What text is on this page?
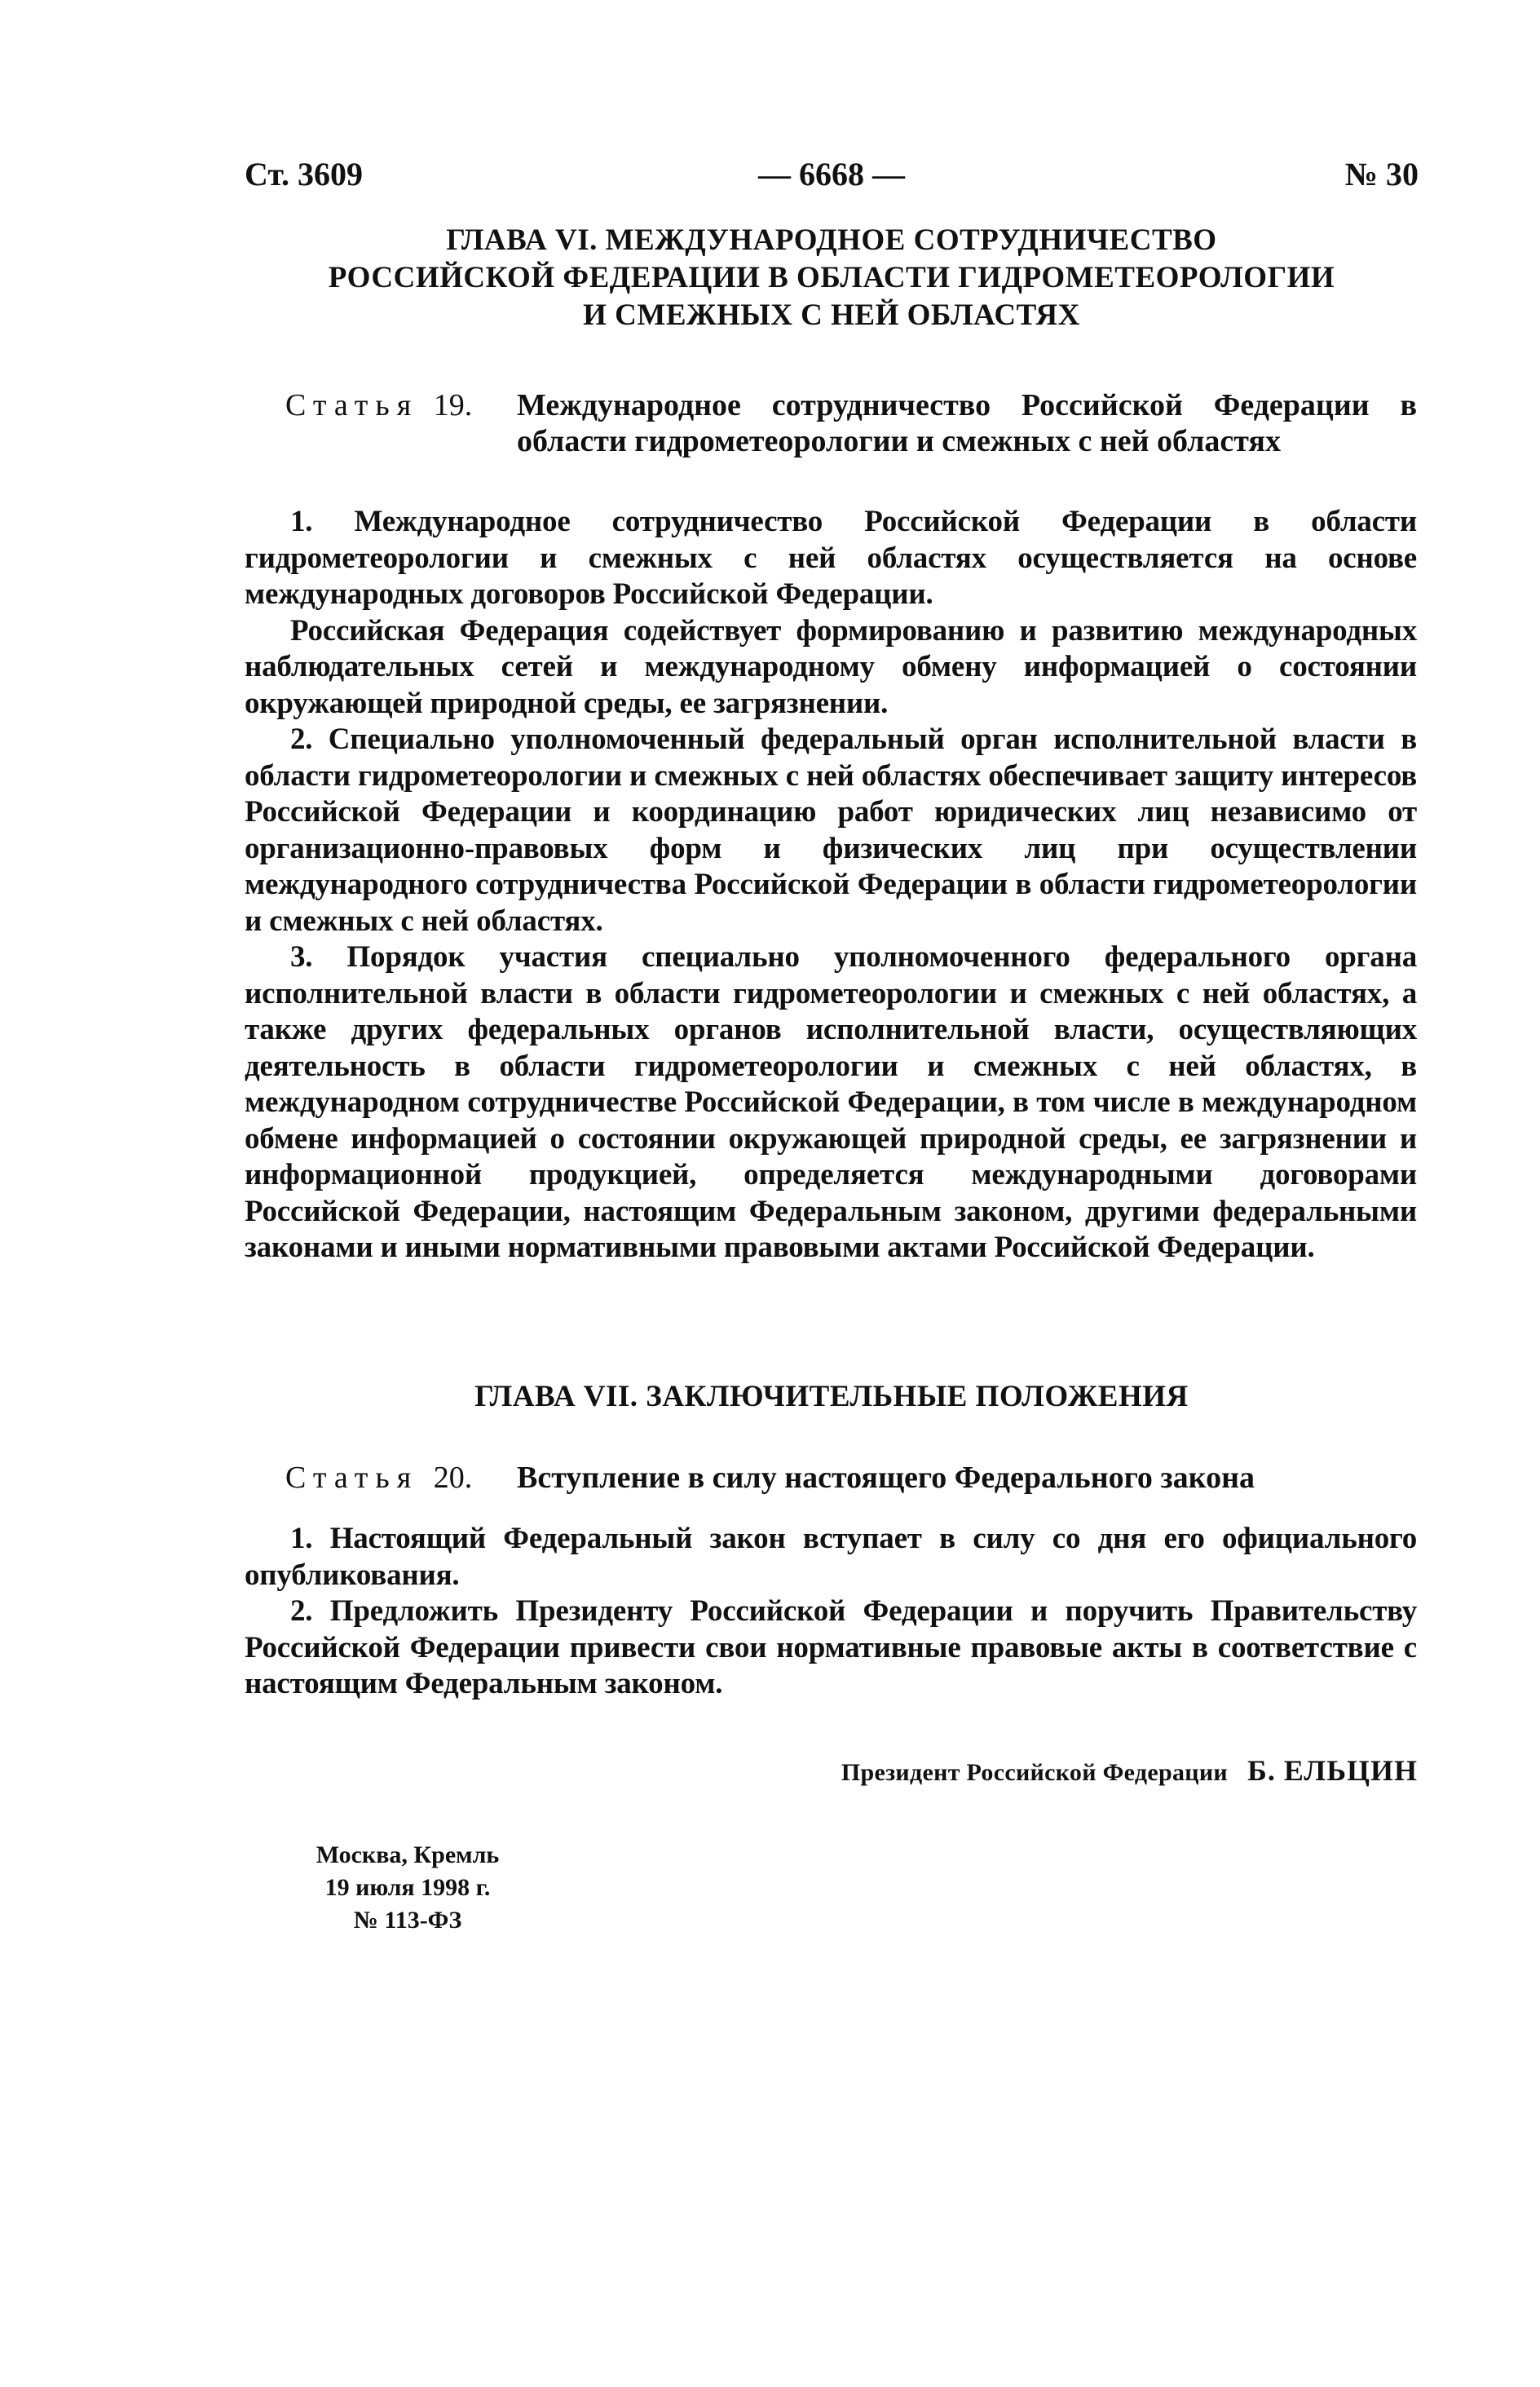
Ст. 3609	— 6668 —	№ 30
ГЛАВА VI. МЕЖДУНАРОДНОЕ СОТРУДНИЧЕСТВО
РОССИЙСКОЙ ФЕДЕРАЦИИ В ОБЛАСТИ ГИДРОМЕТЕОРОЛОГИИ
И СМЕЖНЫХ С НЕЙ ОБЛАСТЯХ
Статья 19. Международное сотрудничество Российской Федерации в области гидрометеорологии и смежных с ней областях

1. Международное сотрудничество Российской Федерации в области гидрометеорологии и смежных с ней областях осуществляется на основе международных договоров Российской Федерации.

Российская Федерация содействует формированию и развитию международных наблюдательных сетей и международному обмену информацией о состоянии окружающей природной среды, ее загрязнении.

2. Специально уполномоченный федеральный орган исполнительной власти в области гидрометеорологии и смежных с ней областях обеспечивает защиту интересов Российской Федерации и координацию работ юридических лиц независимо от организационно-правовых форм и физических лиц при осуществлении международного сотрудничества Российской Федерации в области гидрометеорологии и смежных с ней областях.

3. Порядок участия специально уполномоченного федерального органа исполнительной власти в области гидрометеорологии и смежных с ней областях, а также других федеральных органов исполнительной власти, осуществляющих деятельность в области гидрометеорологии и смежных с ней областях, в международном сотрудничестве Российской Федерации, в том числе в международном обмене информацией о состоянии окружающей природной среды, ее загрязнении и информационной продукцией, определяется международными договорами Российской Федерации, настоящим Федеральным законом, другими федеральными законами и иными нормативными правовыми актами Российской Федерации.

ГЛАВА VII. ЗАКЛЮЧИТЕЛЬНЫЕ ПОЛОЖЕНИЯ
Статья 20. Вступление в силу настоящего Федерального закона

1. Настоящий Федеральный закон вступает в силу со дня его официального опубликования.

2. Предложить Президенту Российской Федерации и поручить Правительству Российской Федерации привести свои нормативные правовые акты в соответствие с настоящим Федеральным законом.

Президент Российской Федерации Б. ЕЛЬЦИН
Москва, Кремль
19 июля 1998 г.
№ 113-ФЗ
